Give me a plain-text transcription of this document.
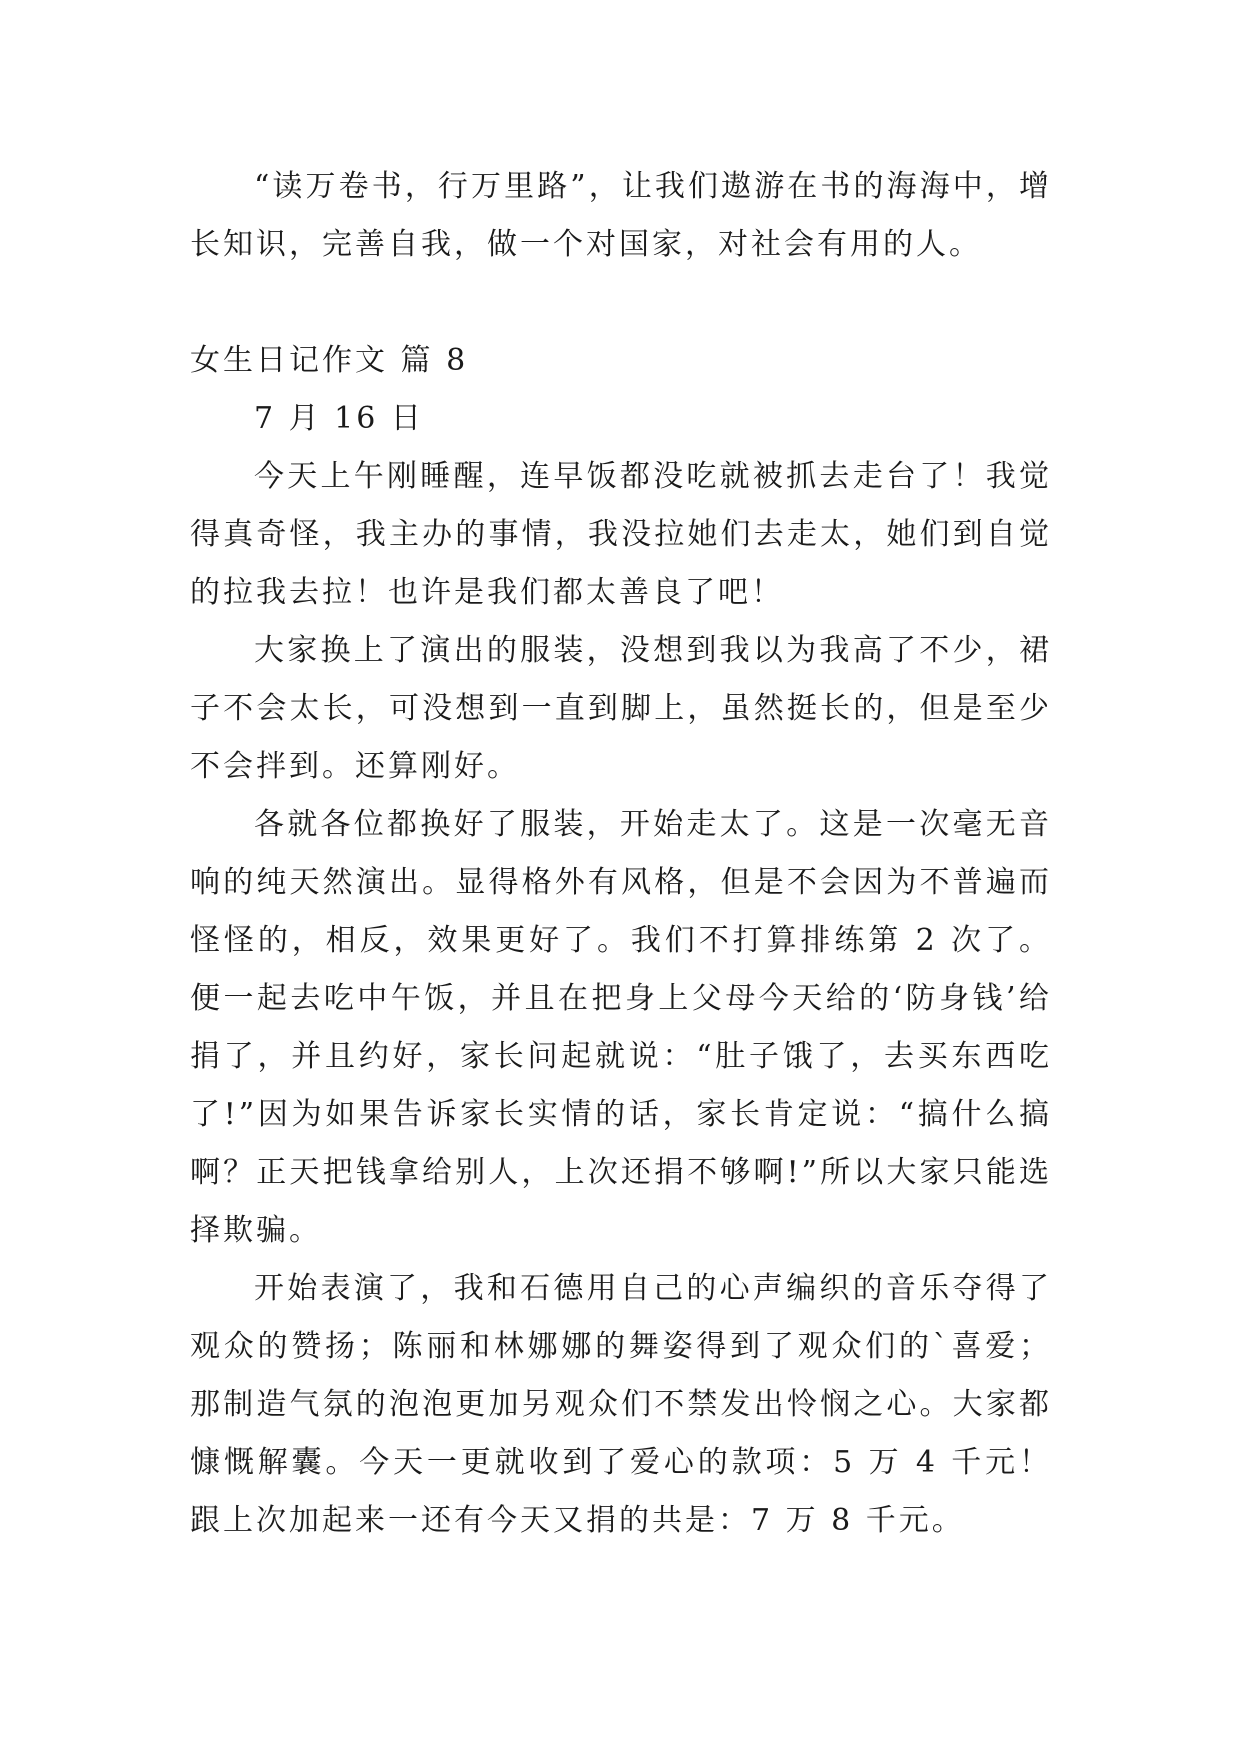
“读万卷书，行万里路”，让我们遨游在书的海海中，增长知识，完善自我，做一个对国家，对社会有用的人。

女生日记作文 篇 8

7 月 16 日

今天上午刚睡醒，连早饭都没吃就被抓去走台了！我觉得真奇怪，我主办的事情，我没拉她们去走太，她们到自觉的拉我去拉！也许是我们都太善良了吧！

大家换上了演出的服装，没想到我以为我高了不少，裙子不会太长，可没想到一直到脚上，虽然挺长的，但是至少不会拌到。还算刚好。

各就各位都换好了服装，开始走太了。这是一次毫无音响的纯天然演出。显得格外有风格，但是不会因为不普遍而怪怪的，相反，效果更好了。我们不打算排练第 2 次了。便一起去吃中午饭，并且在把身上父母今天给的‘防身钱’给捐了，并且约好，家长问起就说：“肚子饿了，去买东西吃了!”因为如果告诉家长实情的话，家长肯定说：“搞什么搞啊？正天把钱拿给别人，上次还捐不够啊!”所以大家只能选择欺骗。

开始表演了，我和石德用自己的心声编织的音乐夺得了观众的赞扬；陈丽和林娜娜的舞姿得到了观众们的`喜爱；那制造气氛的泡泡更加另观众们不禁发出怜悯之心。大家都慷慨解囊。今天一更就收到了爱心的款项：5 万 4 千元！跟上次加起来一还有今天又捐的共是：7 万 8 千元。
